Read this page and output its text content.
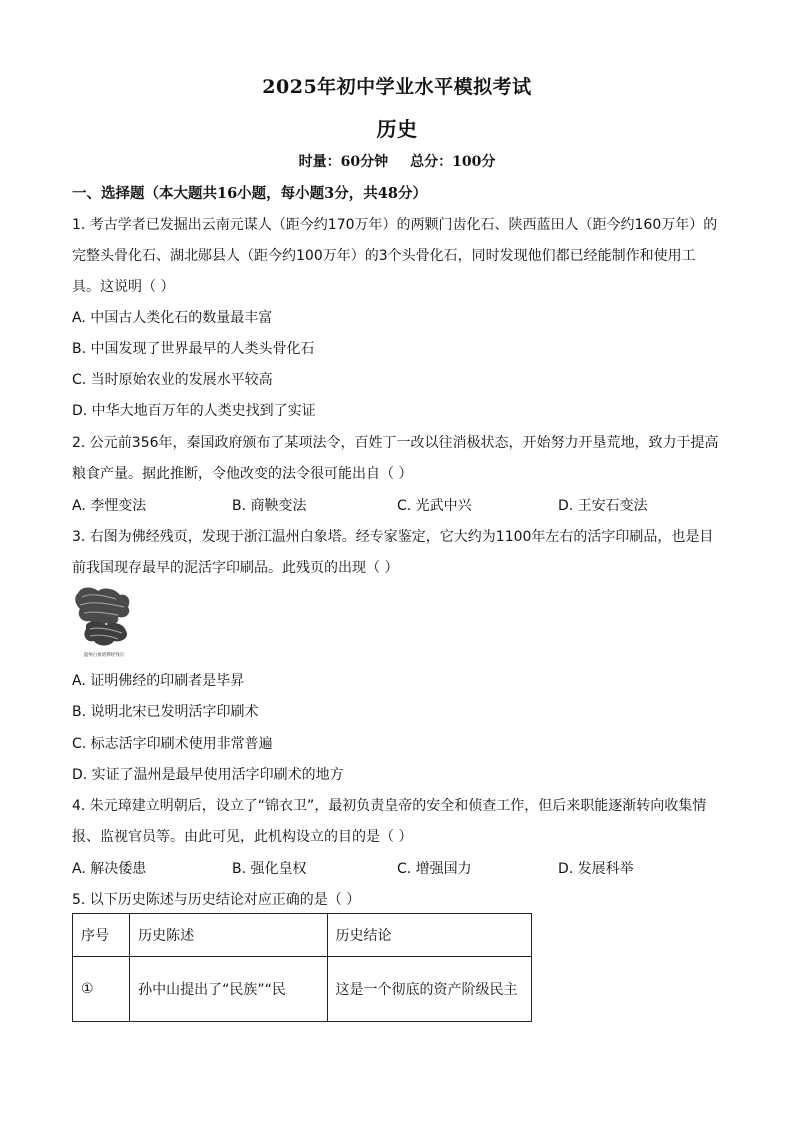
2025年初中学业水平模拟考试
历史
时量：60分钟 总分：100分
一、选择题（本大题共16小题，每小题3分，共48分）
1. 考古学者已发掘出云南元谋人（距今约170万年）的两颗门齿化石、陕西蓝田人（距今约160万年）的
完整头骨化石、湖北郧县人（距今约100万年）的3个头骨化石，同时发现他们都已经能制作和使用工
具。这说明（ ）
A. 中国古人类化石的数量最丰富
B. 中国发现了世界最早的人类头骨化石
C. 当时原始农业的发展水平较高
D. 中华大地百万年的人类史找到了实证
2. 公元前356年，秦国政府颁布了某项法令，百姓丁一改以往消极状态，开始努力开垦荒地，致力于提高
粮食产量。据此推断，令他改变的法令很可能出自（ ）
A. 李悝变法	B. 商鞅变法	C. 光武中兴	D. 王安石变法
3. 右图为佛经残页，发现于浙江温州白象塔。经专家鉴定，它大约为1100年左右的活字印刷品，也是目
前我国现存最早的泥活字印刷品。此残页的出现（ ）
温州白象塔佛经残页
A. 证明佛经的印刷者是毕昇
B. 说明北宋已发明活字印刷术
C. 标志活字印刷术使用非常普遍
D. 实证了温州是最早使用活字印刷术的地方
4. 朱元璋建立明朝后，设立了“锦衣卫”，最初负责皇帝的安全和侦查工作，但后来职能逐渐转向收集情
报、监视官员等。由此可见，此机构设立的目的是（ ）
A. 解决倭患	B. 强化皇权	C. 增强国力	D. 发展科举
5. 以下历史陈述与历史结论对应正确的是（ ）
序号	历史陈述	历史结论
①	孙中山提出了“民族”“民	这是一个彻底的资产阶级民主
